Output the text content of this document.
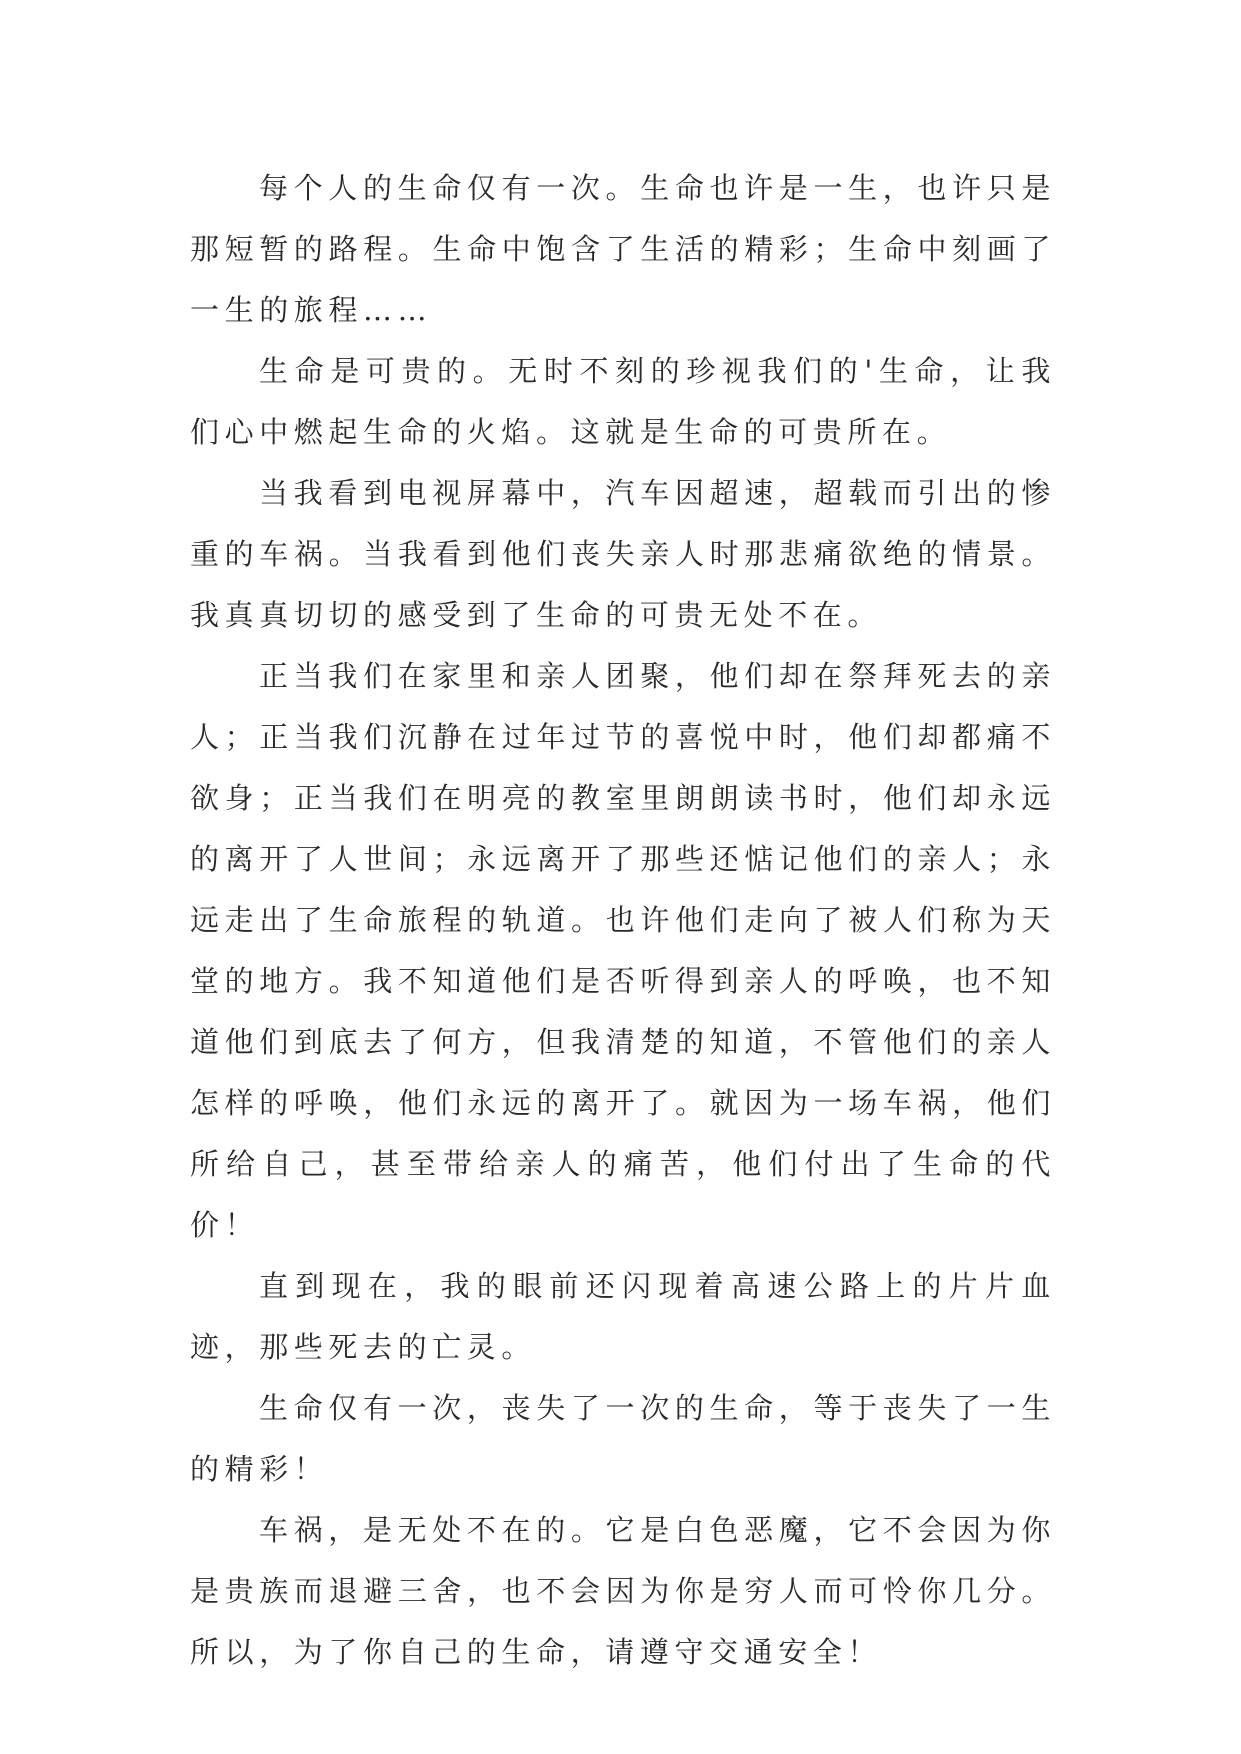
每个人的生命仅有一次。生命也许是一生，也许只是那短暂的路程。生命中饱含了生活的精彩；生命中刻画了一生的旅程……

生命是可贵的。无时不刻的珍视我们的'生命，让我们心中燃起生命的火焰。这就是生命的可贵所在。

当我看到电视屏幕中，汽车因超速，超载而引出的惨重的车祸。当我看到他们丧失亲人时那悲痛欲绝的情景。我真真切切的感受到了生命的可贵无处不在。

正当我们在家里和亲人团聚，他们却在祭拜死去的亲人；正当我们沉静在过年过节的喜悦中时，他们却都痛不欲身；正当我们在明亮的教室里朗朗读书时，他们却永远的离开了人世间；永远离开了那些还惦记他们的亲人；永远走出了生命旅程的轨道。也许他们走向了被人们称为天堂的地方。我不知道他们是否听得到亲人的呼唤，也不知道他们到底去了何方，但我清楚的知道，不管他们的亲人怎样的呼唤，他们永远的离开了。就因为一场车祸，他们所给自己，甚至带给亲人的痛苦，他们付出了生命的代价！

直到现在，我的眼前还闪现着高速公路上的片片血迹，那些死去的亡灵。

生命仅有一次，丧失了一次的生命，等于丧失了一生的精彩！

车祸，是无处不在的。它是白色恶魔，它不会因为你是贵族而退避三舍，也不会因为你是穷人而可怜你几分。所以，为了你自己的生命，请遵守交通安全！
